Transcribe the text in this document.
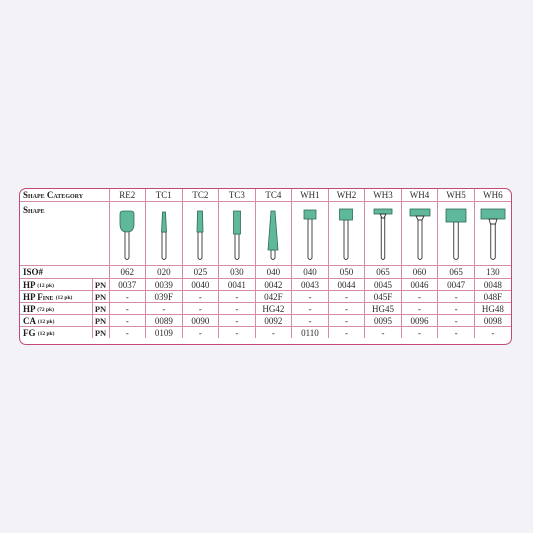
Shape Category		RE2	TC1	TC2	TC3	TC4	WH1	WH2	WH3	WH4	WH5	WH6
Shape	

ISO#		062	020	025	030	040	040	050	065	060	065	130
HP (12 pk)	PN	0037	0039	0040	0041	0042	0043	0044	0045	0046	0047	0048
HP Fine (12 pk)	PN	-	039F	-	-	042F	-	-	045F	-	-	048F
HP (72 pk)	PN	-	-	-	-	HG42	-	-	HG45	-	-	HG48
CA (12 pk)	PN	-	0089	0090	-	0092	-	-	0095	0096	-	0098
FG (12 pk)	PN	-	0109	-	-	-	0110	-	-	-	-	-
